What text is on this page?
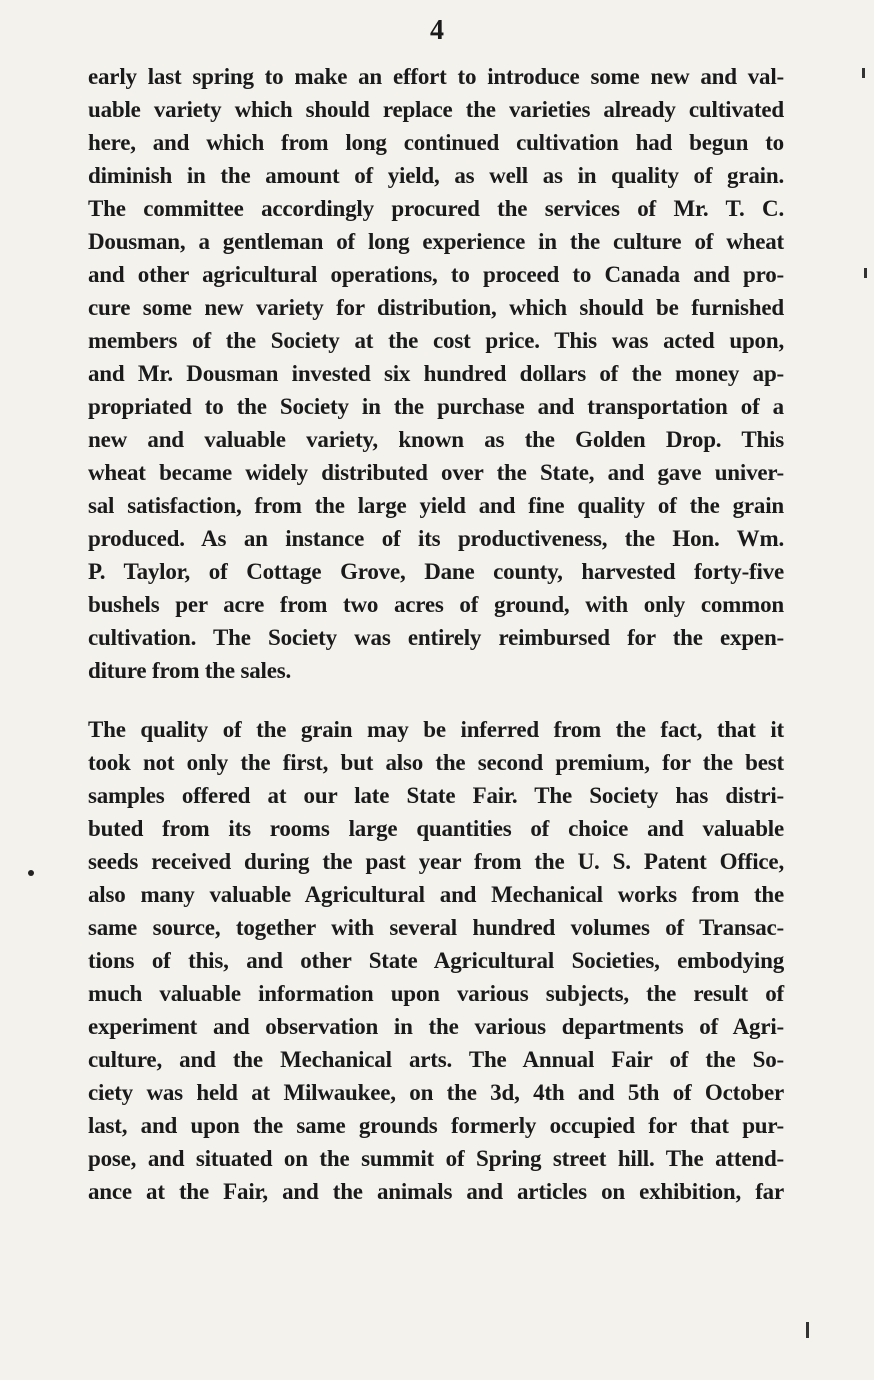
4
early last spring to make an effort to introduce some new and val-
uable variety which should replace the varieties already cultivated
here, and which from long continued cultivation had begun to
diminish in the amount of yield, as well as in quality of grain.
The committee accordingly procured the services of Mr. T. C.
Dousman, a gentleman of long experience in the culture of wheat
and other agricultural operations, to proceed to Canada and pro-
cure some new variety for distribution, which should be furnished
members of the Society at the cost price. This was acted upon,
and Mr. Dousman invested six hundred dollars of the money ap-
propriated to the Society in the purchase and transportation of a
new and valuable variety, known as the Golden Drop. This
wheat became widely distributed over the State, and gave univer-
sal satisfaction, from the large yield and fine quality of the grain
produced. As an instance of its productiveness, the Hon. Wm.
P. Taylor, of Cottage Grove, Dane county, harvested forty-five
bushels per acre from two acres of ground, with only common
cultivation. The Society was entirely reimbursed for the expen-
diture from the sales.
The quality of the grain may be inferred from the fact, that it
took not only the first, but also the second premium, for the best
samples offered at our late State Fair. The Society has distri-
buted from its rooms large quantities of choice and valuable
seeds received during the past year from the U. S. Patent Office,
also many valuable Agricultural and Mechanical works from the
same source, together with several hundred volumes of Transac-
tions of this, and other State Agricultural Societies, embodying
much valuable information upon various subjects, the result of
experiment and observation in the various departments of Agri-
culture, and the Mechanical arts. The Annual Fair of the So-
ciety was held at Milwaukee, on the 3d, 4th and 5th of October
last, and upon the same grounds formerly occupied for that pur-
pose, and situated on the summit of Spring street hill. The attend-
ance at the Fair, and the animals and articles on exhibition, far
